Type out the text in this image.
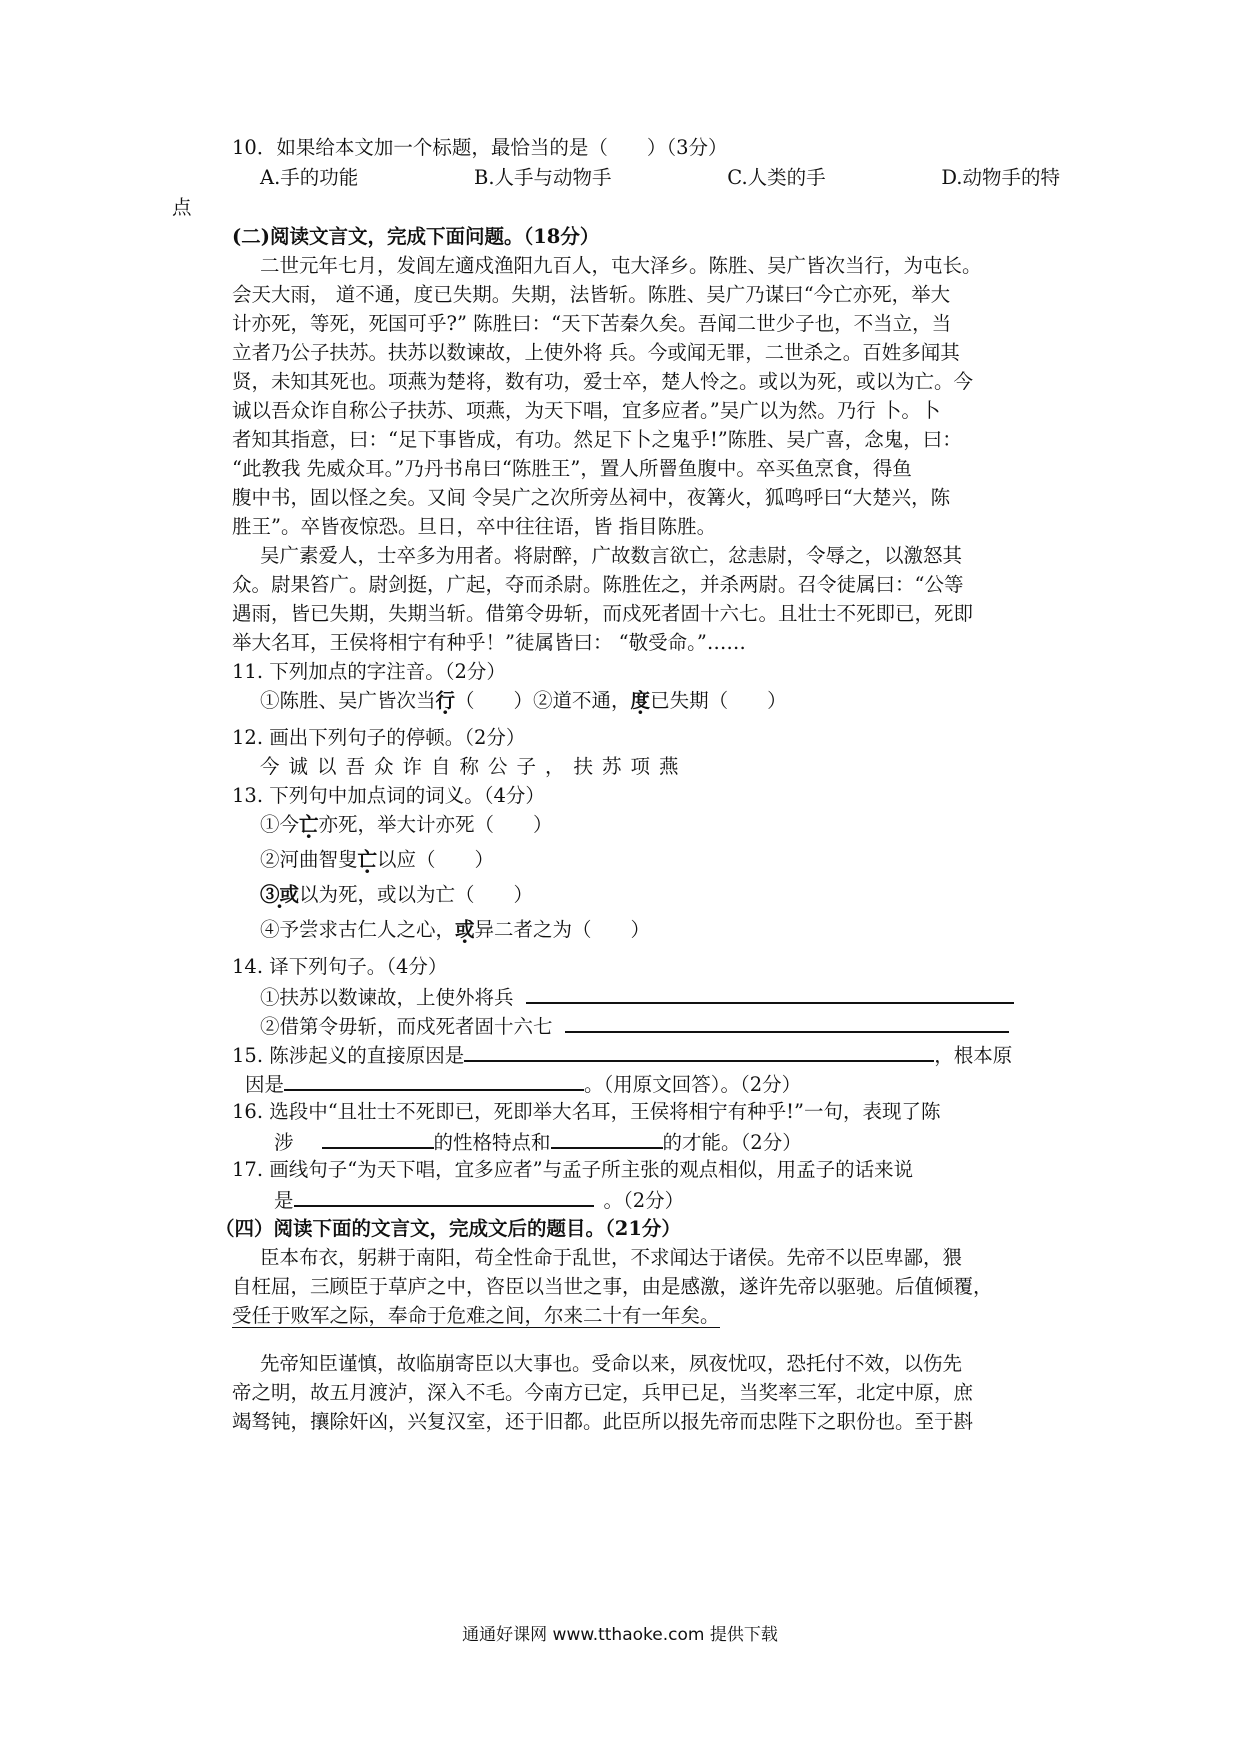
10．如果给本文加一个标题，最恰当的是（　　）（3分）
A.手的功能	B.人手与动物手	C.人类的手	D.动物手的特
点
(二)阅读文言文，完成下面问题。（18分）
二世元年七月，发闾左適戍渔阳九百人，屯大泽乡。陈胜、吴广皆次当行，为屯长。
会天大雨， 道不通，度已失期。失期，法皆斩。陈胜、吴广乃谋曰“今亡亦死，举大
计亦死，等死，死国可乎?” 陈胜曰：“天下苦秦久矣。吾闻二世少子也，不当立，当
立者乃公子扶苏。扶苏以数谏故，上使外将 兵。今或闻无罪，二世杀之。百姓多闻其
贤，未知其死也。项燕为楚将，数有功，爱士卒，楚人怜之。或以为死，或以为亡。今
诚以吾众诈自称公子扶苏、项燕，为天下唱，宜多应者。”吴广以为然。乃行 卜。卜
者知其指意，曰：“足下事皆成，有功。然足下卜之鬼乎!”陈胜、吴广喜，念鬼，曰：
“此教我 先威众耳。”乃丹书帛曰“陈胜王”，置人所罾鱼腹中。卒买鱼烹食，得鱼
腹中书，固以怪之矣。又间 令吴广之次所旁丛祠中，夜篝火，狐鸣呼曰“大楚兴，陈
胜王”。卒皆夜惊恐。旦日，卒中往往语，皆 指目陈胜。
吴广素爱人，士卒多为用者。将尉醉，广故数言欲亡，忿恚尉，令辱之，以激怒其
众。尉果笞广。尉剑挺，广起，夺而杀尉。陈胜佐之，并杀两尉。召令徒属曰：“公等
遇雨，皆已失期，失期当斩。借第令毋斩，而戍死者固十六七。且壮士不死即已，死即
举大名耳，王侯将相宁有种乎！”徒属皆曰： “敬受命。”……
11. 下列加点的字注音。（2分）
①陈胜、吴广皆次当行（　　）②道不通，度已失期（　　）
12. 画出下列句子的停顿。（2分）
今诚以吾众诈自称公子，扶苏项燕
13. 下列句中加点词的词义。（4分）
①今亡亦死，举大计亦死（　　）
②河曲智叟亡以应（　　）
③或 ·以为死，或以为亡（　　）
④予尝求古仁人之心，或异二者之为（　　）
14. 译下列句子。（4分）
①扶苏以数谏故，上使外将兵
②借第令毋斩，而戍死者固十六七
15. 陈涉起义的直接原因是	，根本原
因是	。（用原文回答）。（2分）
16. 选段中“且壮士不死即已，死即举大名耳，王侯将相宁有种乎!”一句，表现了陈
涉	的性格特点和	的才能。（2分）
17. 画线句子“为天下唱，宜多应者”与孟子所主张的观点相似，用孟子的话来说
是	。（2分）
（四）阅读下面的文言文，完成文后的题目。（21分）
臣本布衣，躬耕于南阳，苟全性命于乱世，不求闻达于诸侯。先帝不以臣卑鄙，猥
自枉屈，三顾臣于草庐之中，咨臣以当世之事，由是感激，遂许先帝以驱驰。后值倾覆，
受任于败军之际，奉命于危难之间，尔来二十有一年矣。
先帝知臣谨慎，故临崩寄臣以大事也。受命以来，夙夜忧叹，恐托付不效，以伤先
帝之明，故五月渡泸，深入不毛。今南方已定，兵甲已足，当奖率三军，北定中原，庶
竭驽钝，攘除奸凶，兴复汉室，还于旧都。此臣所以报先帝而忠陛下之职份也。至于斟
通通好课网 www.tthaoke.com 提供下载
